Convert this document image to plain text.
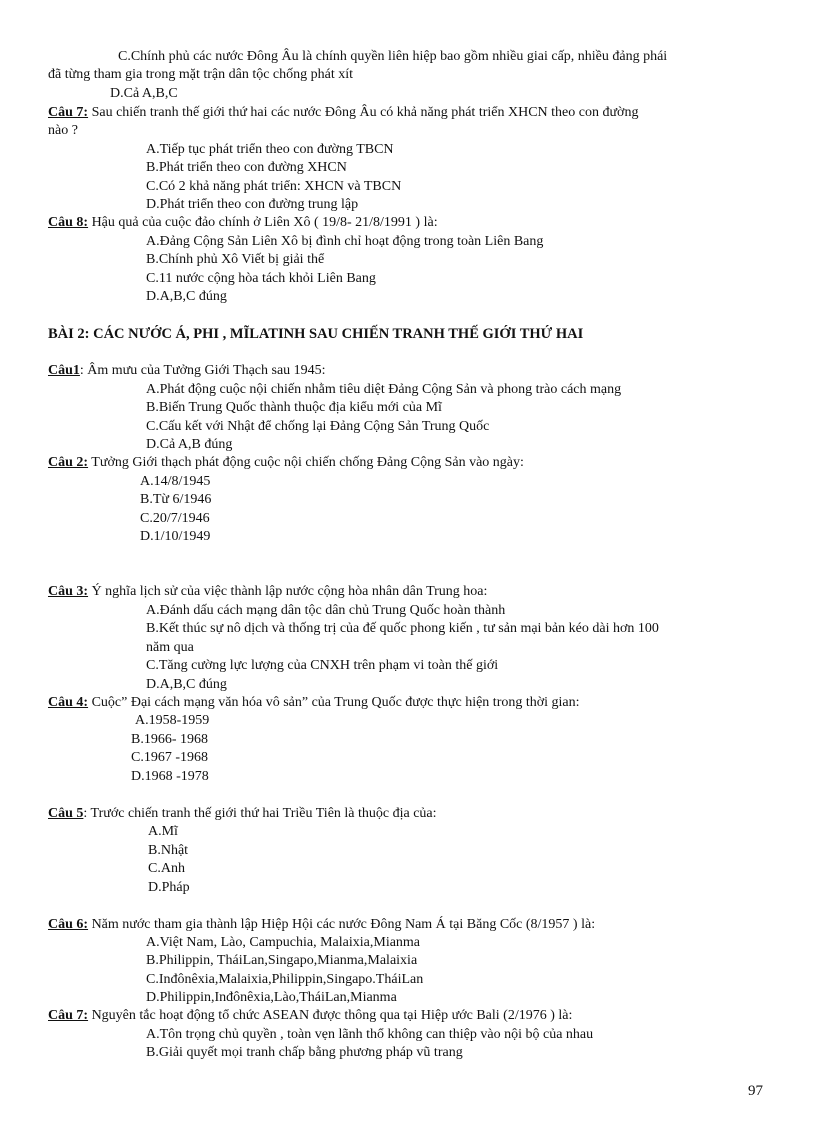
C.Chính phủ các nước Đông Âu là chính quyền liên hiệp bao gồm nhiều giai cấp, nhiều đảng phái
đã từng tham gia trong mặt trận dân tộc chống phát xít
D.Cả A,B,C
Câu 7: Sau chiến tranh thế giới thứ hai các nước Đông Âu có khả năng phát triển XHCN theo con đường
nào ?
A.Tiếp tục phát triển theo con đường TBCN
B.Phát triển theo con đường XHCN
C.Có 2 khả năng phát triển: XHCN và TBCN
D.Phát triển theo con đường trung lập
Câu 8: Hậu quả của cuộc đảo chính ở Liên Xô ( 19/8- 21/8/1991 ) là:
A.Đảng Cộng Sản Liên Xô bị đình chỉ hoạt động trong toàn Liên Bang
B.Chính phủ Xô Viết bị giải thể
C.11 nước cộng hòa tách khỏi Liên Bang
D.A,B,C đúng
BÀI 2: CÁC NƯỚC Á, PHI , MĨLATINH SAU CHIẾN TRANH THẾ GIỚI THỨ HAI
Câu1: Âm mưu của Tưởng Giới Thạch sau 1945:
A.Phát động cuộc nội chiến nhằm tiêu diệt Đảng Cộng Sản và phong trào cách mạng
B.Biến Trung Quốc thành thuộc địa kiểu mới của Mĩ
C.Cấu kết với Nhật để chống lại Đảng Cộng Sản Trung Quốc
D.Cả A,B đúng
Câu 2: Tưởng Giới thạch phát động cuộc nội chiến chống Đảng Cộng Sản vào ngày:
A.14/8/1945
B.Từ 6/1946
C.20/7/1946
D.1/10/1949
Câu 3: Ý nghĩa lịch sử của việc thành lập nước cộng hòa nhân dân Trung hoa:
A.Đánh dấu cách mạng dân tộc dân chủ Trung Quốc hoàn thành
B.Kết thúc sự nô dịch và thống trị của đế quốc phong kiến , tư sản mại bản kéo dài hơn 100
năm qua
C.Tăng cường lực lượng của CNXH trên phạm vi toàn thế giới
D.A,B,C đúng
Câu 4: Cuộc” Đại cách mạng văn hóa vô sản” của Trung Quốc được thực hiện trong thời gian:
A.1958-1959
B.1966- 1968
C.1967 -1968
D.1968 -1978
Câu 5: Trước chiến tranh thế giới thứ hai Triều Tiên là thuộc địa của:
A.Mĩ
B.Nhật
C.Anh
D.Pháp
Câu 6: Năm nước tham gia thành lập Hiệp Hội các nước Đông Nam Á tại Băng Cốc (8/1957 ) là:
A.Việt Nam, Lào, Campuchia, Malaixia,Mianma
B.Philippin, TháiLan,Singapo,Mianma,Malaixia
C.Inđônêxia,Malaixia,Philippin,Singapo.TháiLan
D.Philippin,Inđônêxia,Lào,TháiLan,Mianma
Câu 7: Nguyên tắc hoạt động tổ chức ASEAN được thông qua tại Hiệp ước Bali (2/1976 ) là:
A.Tôn trọng chủ quyền , toàn vẹn lãnh thổ không can thiệp vào nội bộ của nhau
B.Giải quyết mọi tranh chấp bằng phương pháp vũ trang
97
